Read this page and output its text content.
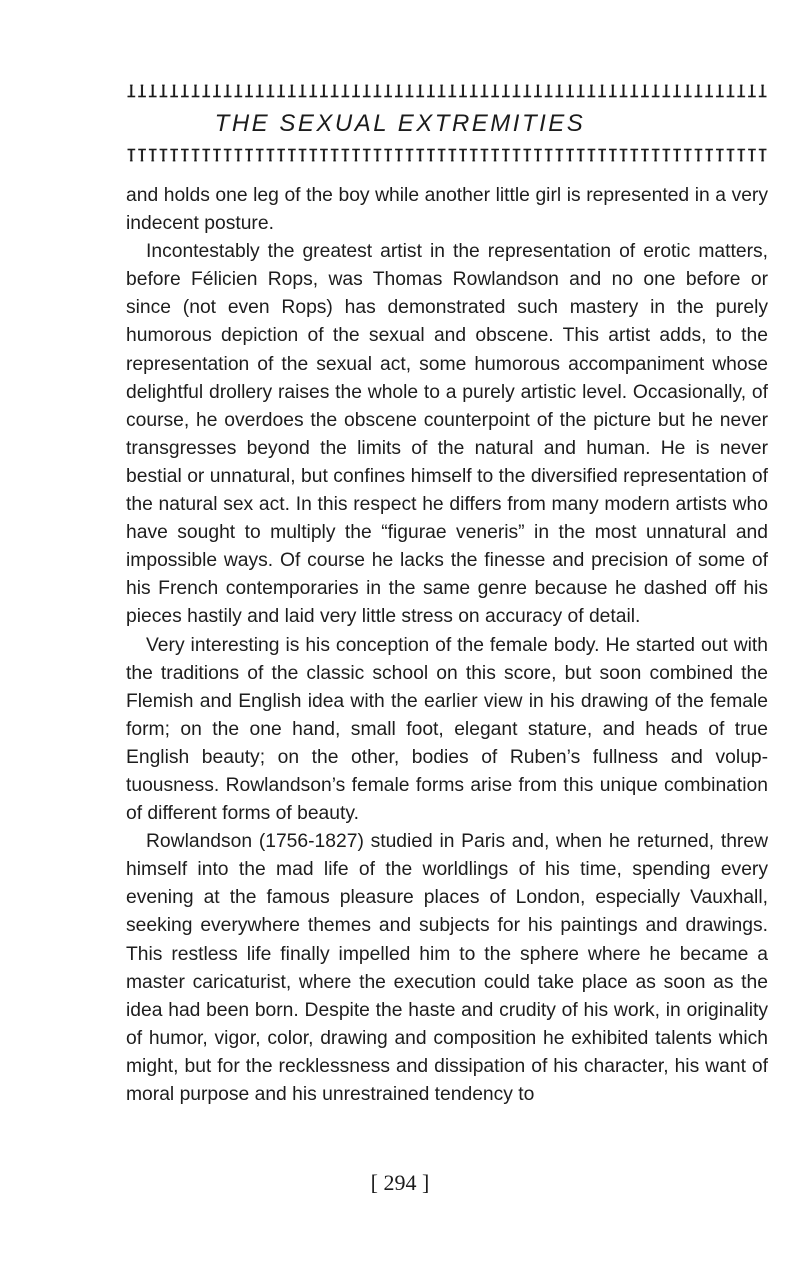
THE SEXUAL EXTREMITIES

and holds one leg of the boy while another little girl is represented in a very indecent posture.

Incontestably the greatest artist in the representation of erotic matters, before Félicien Rops, was Thomas Rowlandson and no one before or since (not even Rops) has demonstrated such mastery in the purely humorous depiction of the sexual and obscene. This artist adds, to the representation of the sexual act, some humorous accompaniment whose delightful drollery raises the whole to a purely artistic level. Occasionally, of course, he overdoes the obscene counterpoint of the picture but he never transgresses beyond the limits of the natural and human. He is never bestial or unnatural, but confines himself to the diversified representation of the natural sex act. In this respect he differs from many modern artists who have sought to multiply the “figurae veneris” in the most unnatural and impossible ways. Of course he lacks the finesse and precision of some of his French contemporaries in the same genre because he dashed off his pieces hastily and laid very little stress on accuracy of detail.

Very interesting is his conception of the female body. He started out with the traditions of the classic school on this score, but soon combined the Flemish and English idea with the earlier view in his drawing of the female form; on the one hand, small foot, elegant stature, and heads of true English beauty; on the other, bodies of Ruben’s fullness and voluptuousness. Rowlandson’s female forms arise from this unique combination of different forms of beauty.

Rowlandson (1756-1827) studied in Paris and, when he returned, threw himself into the mad life of the worldlings of his time, spending every evening at the famous pleasure places of London, especially Vauxhall, seeking everywhere themes and subjects for his paintings and drawings. This restless life finally impelled him to the sphere where he became a master caricaturist, where the execution could take place as soon as the idea had been born. Despite the haste and crudity of his work, in originality of humor, vigor, color, drawing and composition he exhibited talents which might, but for the recklessness and dissipation of his character, his want of moral purpose and his unrestrained tendency to

[ 294 ]
